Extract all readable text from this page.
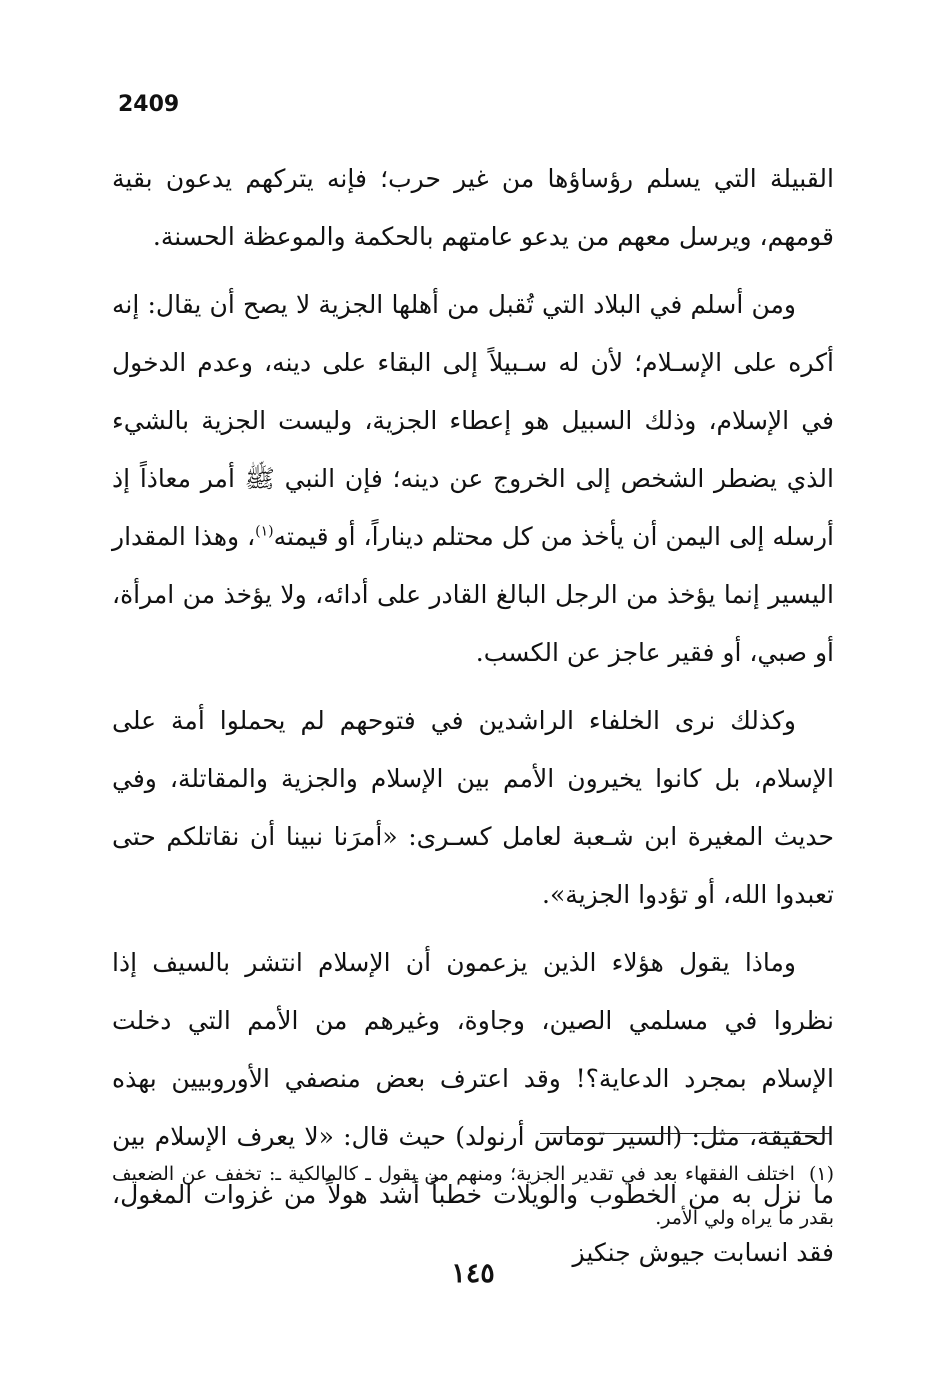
2409

القبيلة التي يسلم رؤساؤها من غير حرب؛ فإنه يتركهم يدعون بقية قومهم، ويرسل معهم من يدعو عامتهم بالحكمة والموعظة الحسنة.

ومن أسلم في البلاد التي تُقبل من أهلها الجزية لا يصح أن يقال: إنه أكره على الإسـلام؛ لأن له سـبيلاً إلى البقاء على دينه، وعدم الدخول في الإسلام، وذلك السبيل هو إعطاء الجزية، وليست الجزية بالشيء الذي يضطر الشخص إلى الخروج عن دينه؛ فإن النبي ﷺ أمر معاذاً إذ أرسله إلى اليمن أن يأخذ من كل محتلم ديناراً، أو قيمته$^{(١)}$، وهذا المقدار اليسير إنما يؤخذ من الرجل البالغ القادر على أدائه، ولا يؤخذ من امرأة، أو صبي، أو فقير عاجز عن الكسب.

وكذلك نرى الخلفاء الراشدين في فتوحهم لم يحملوا أمة على الإسلام، بل كانوا يخيرون الأمم بين الإسلام والجزية والمقاتلة، وفي حديث المغيرة ابن شـعبة لعامل كسـرى: «أمرَنا نبينا أن نقاتلكم حتى تعبدوا الله، أو تؤدوا الجزية».

وماذا يقول هؤلاء الذين يزعمون أن الإسلام انتشر بالسيف إذا نظروا في مسلمي الصين، وجاوة، وغيرهم من الأمم التي دخلت الإسلام بمجرد الدعاية؟! وقد اعترف بعض منصفي الأوروبيين بهذه الحقيقة، مثل: (السير توماس أرنولد) حيث قال: «لا يعرف الإسلام بين ما نزل به من الخطوب والويلات خطباً أشد هولاً من غزوات المغول، فقد انسابت جيوش جنكيز

(١)اختلف الفقهاء بعد في تقدير الجزية؛ ومنهم من يقول ـ كالمالكية ـ: تخفف عن الضعيف بقدر ما يراه ولي الأمر.
١٤٥
